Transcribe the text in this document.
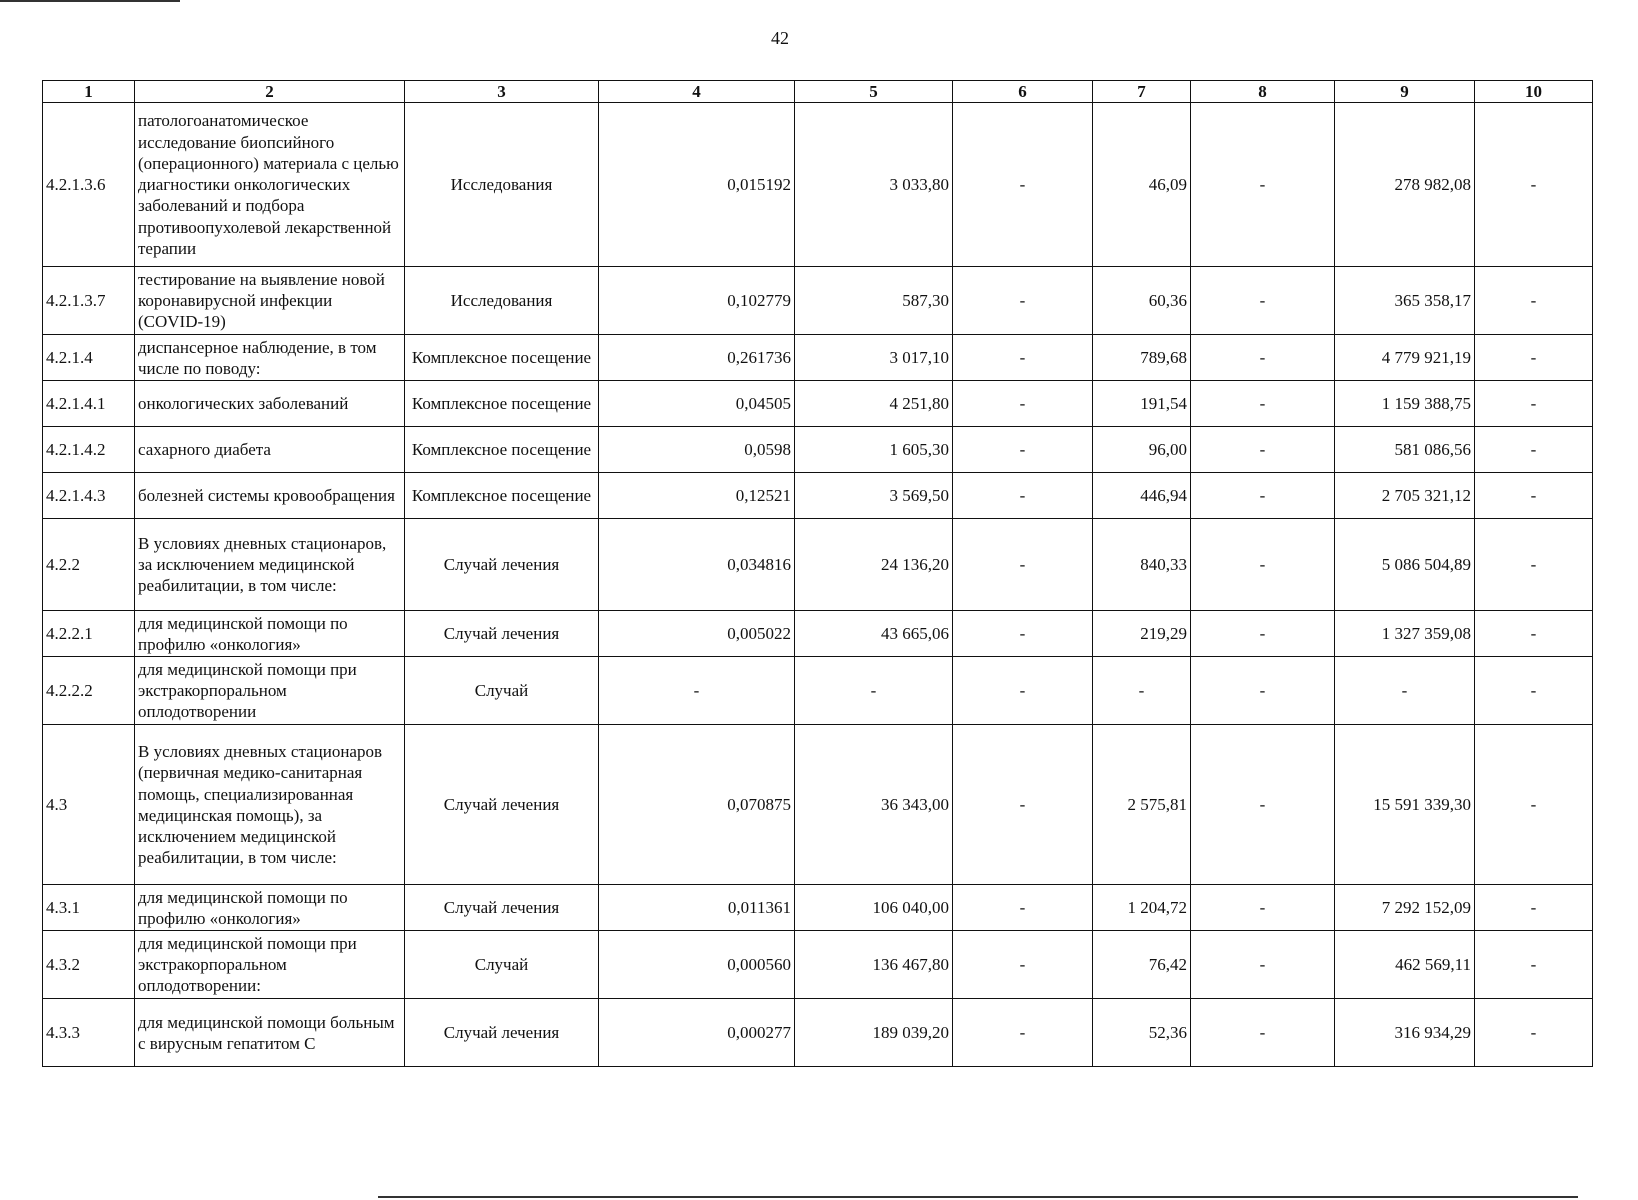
42
1	2	3	4	5	6	7	8	9	10
4.2.1.3.6	патологоанатомическое исследование биопсийного (операционного) материала с целью диагностики онкологических заболеваний и подбора противоопухолевой лекарственной терапии	Исследования	0,015192	3 033,80	-	46,09	-	278 982,08	-
4.2.1.3.7	тестирование на выявление новой коронавирусной инфекции (COVID-19)	Исследования	0,102779	587,30	-	60,36	-	365 358,17	-
4.2.1.4	диспансерное наблюдение, в том числе по поводу:	Комплексное посещение	0,261736	3 017,10	-	789,68	-	4 779 921,19	-
4.2.1.4.1	онкологических заболеваний	Комплексное посещение	0,04505	4 251,80	-	191,54	-	1 159 388,75	-
4.2.1.4.2	сахарного диабета	Комплексное посещение	0,0598	1 605,30	-	96,00	-	581 086,56	-
4.2.1.4.3	болезней системы кровообращения	Комплексное посещение	0,12521	3 569,50	-	446,94	-	2 705 321,12	-
4.2.2	В условиях дневных стационаров, за исключением медицинской реабилитации, в том числе:	Случай лечения	0,034816	24 136,20	-	840,33	-	5 086 504,89	-
4.2.2.1	для медицинской помощи по профилю «онкология»	Случай лечения	0,005022	43 665,06	-	219,29	-	1 327 359,08	-
4.2.2.2	для медицинской помощи при экстракорпоральном оплодотворении	Случай	-	-	-	-	-	-	-
4.3	В условиях дневных стационаров (первичная медико-санитарная помощь, специализированная медицинская помощь), за исключением медицинской реабилитации, в том числе:	Случай лечения	0,070875	36 343,00	-	2 575,81	-	15 591 339,30	-
4.3.1	для медицинской помощи по профилю «онкология»	Случай лечения	0,011361	106 040,00	-	1 204,72	-	7 292 152,09	-
4.3.2	для медицинской помощи при экстракорпоральном оплодотворении:	Случай	0,000560	136 467,80	-	76,42	-	462 569,11	-
4.3.3	для медицинской помощи больным с вирусным гепатитом С	Случай лечения	0,000277	189 039,20	-	52,36	-	316 934,29	-
